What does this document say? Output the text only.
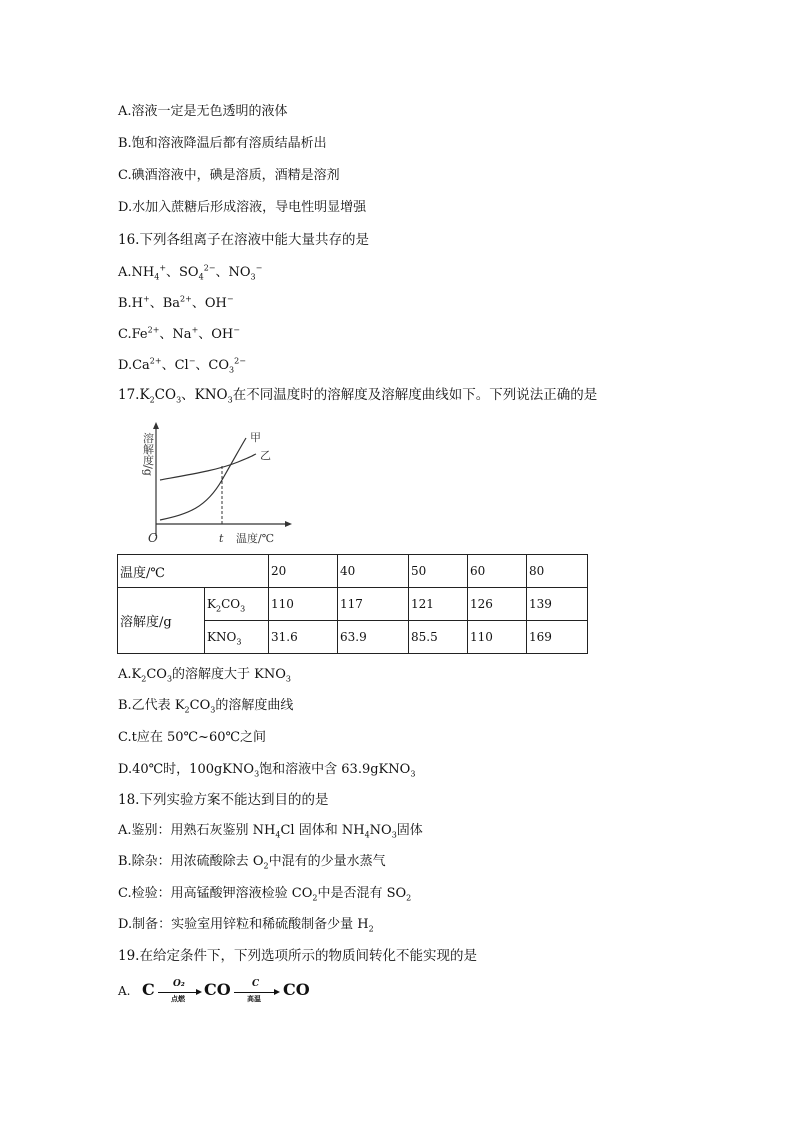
A.溶液一定是无色透明的液体
B.饱和溶液降温后都有溶质结晶析出
C.碘酒溶液中，碘是溶质，酒精是溶剂
D.水加入蔗糖后形成溶液，导电性明显增强
16.下列各组离子在溶液中能大量共存的是
$A.NH_4^+$、$SO_4^{2-}$、$NO_3^-$
B.H+、$Ba^{2+}$、OH−
$C.Fe^{2+}$、Na+、OH−
$D.Ca^{2+}$、Cl−、$CO_3^{2-}$
$17.K_2CO_3$、$KNO_3$在不同温度时的溶解度及溶解度曲线如下。下列说法正确的是
溶解度/g	甲
乙
O	t 温度/℃
温度/℃		20	40	50	60	80
溶解度/g	$K_2CO_3$	110	117	121	126	139
	$KNO_3$	31.6	63.9	85.5	110	169
$A.K_2CO_3$的溶解度大于 $KNO_3$
B.乙代表 $K_2CO_3$的溶解度曲线
C.t应在 50℃~60℃之间
D.40℃时，100gKNO$_3$饱和溶液中含 63.9gKNO$_3$
18.下列实验方案不能达到目的的是
A.鉴别：用熟石灰鉴别 $NH_4Cl$ 固体和 $NH_4NO_3$固体
B.除杂：用浓硫酸除去 $O_2$中混有的少量水蒸气
C.检验：用高锰酸钾溶液检验 $CO_2$中是否混有 $SO_2$
D.制备：实验室用锌粒和稀硫酸制备少量 $H_2$
19.在给定条件下，下列选项所示的物质间转化不能实现的是
A. C →
O₂
点燃 CO →
C
高温 CO
